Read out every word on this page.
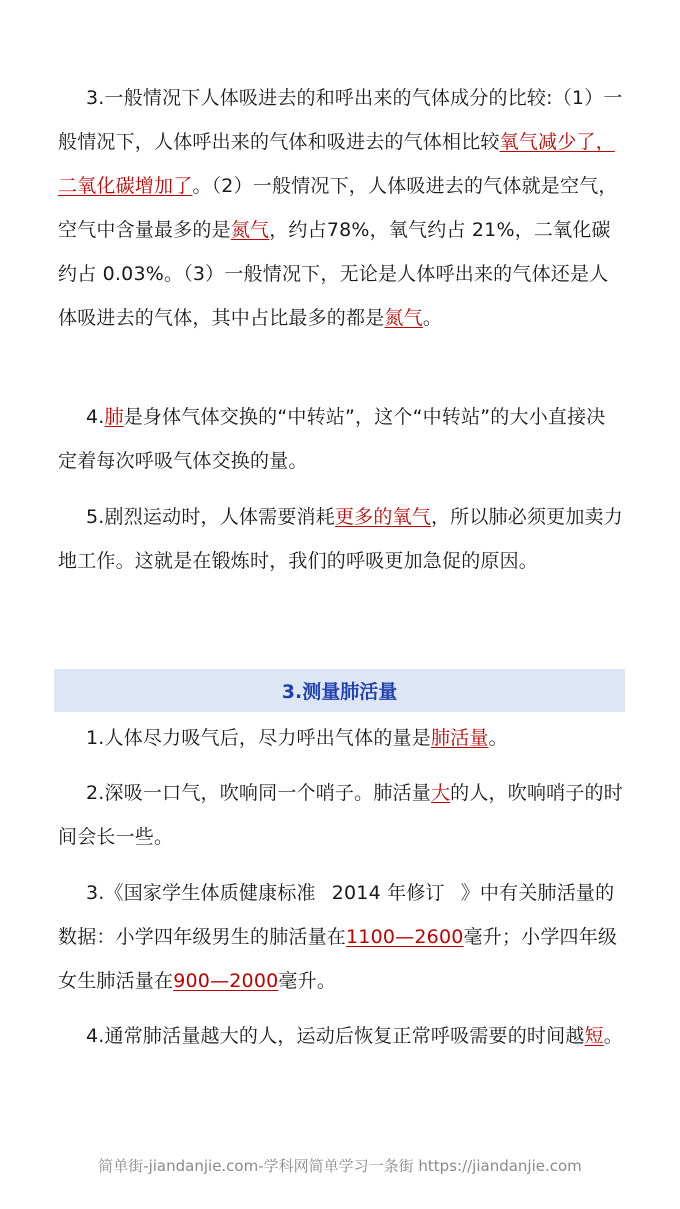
3.一般情况下人体吸进去的和呼出来的气体成分的比较:（1）一般情况下，人体呼出来的气体和吸进去的气体相比较氧气减少了，二氧化碳增加了。（2）一般情况下，人体吸进去的气体就是空气，空气中含量最多的是氮气，约占78%，氧气约占 21%，二氧化碳约占 0.03%。（3）一般情况下，无论是人体呼出来的气体还是人体吸进去的气体，其中占比最多的都是氮气。

4.肺是身体气体交换的“中转站”，这个“中转站”的大小直接决定着每次呼吸气体交换的量。

5.剧烈运动时，人体需要消耗更多的氧气，所以肺必须更加卖力地工作。这就是在锻炼时，我们的呼吸更加急促的原因。

3.测量肺活量

1.人体尽力吸气后，尽力呼出气体的量是肺活量。

2.深吸一口气，吹响同一个哨子。肺活量大的人，吹响哨子的时间会长一些。

3.《国家学生体质健康标准 2014 年修订 》中有关肺活量的数据：小学四年级男生的肺活量在1100—2600毫升；小学四年级女生肺活量在900—2000毫升。

4.通常肺活量越大的人，运动后恢复正常呼吸需要的时间越短。

简单街-jiandanjie.com-学科网简单学习一条街 https://jiandanjie.com
